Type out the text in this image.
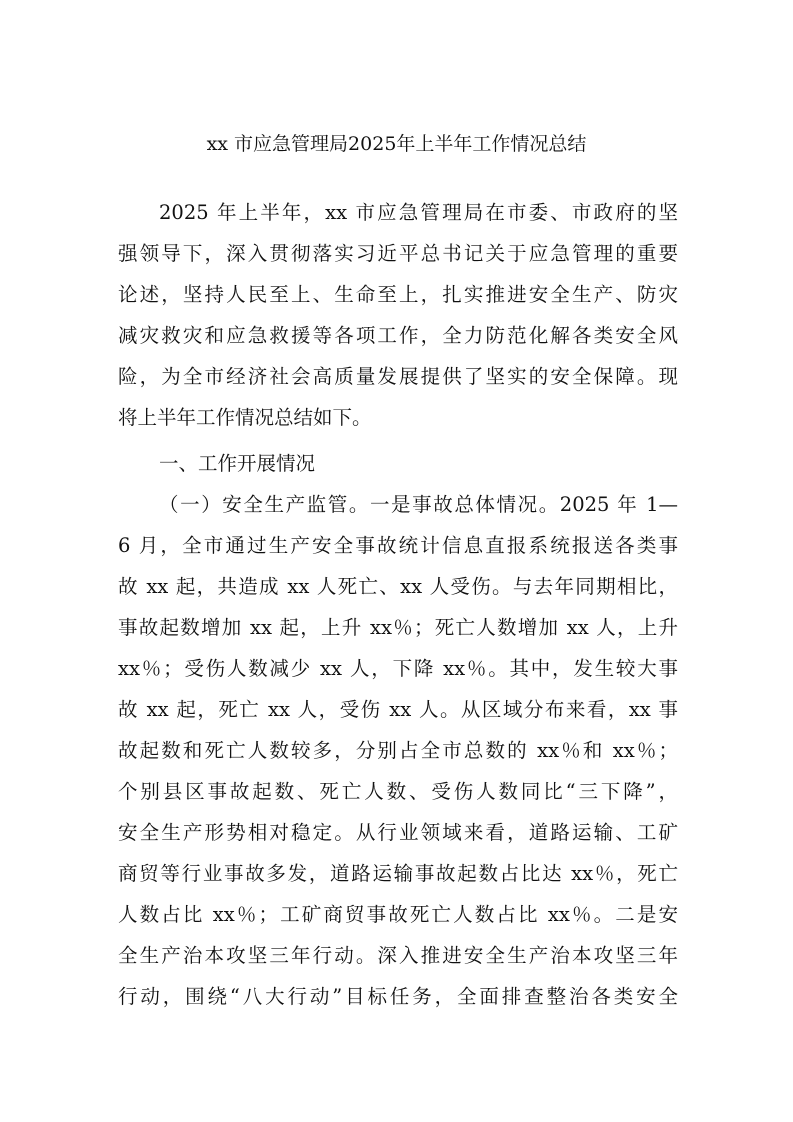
xx 市应急管理局2025年上半年工作情况总结
2025 年上半年，xx 市应急管理局在市委、市政府的坚
强领导下，深入贯彻落实习近平总书记关于应急管理的重要
论述，坚持人民至上、生命至上，扎实推进安全生产、防灾
减灾救灾和应急救援等各项工作，全力防范化解各类安全风
险，为全市经济社会高质量发展提供了坚实的安全保障。现
将上半年工作情况总结如下。
一、工作开展情况
（一）安全生产监管。一是事故总体情况。2025 年 1—
6 月，全市通过生产安全事故统计信息直报系统报送各类事
故 xx 起，共造成 xx 人死亡、xx 人受伤。与去年同期相比，
事故起数增加 xx 起，上升 xx％；死亡人数增加 xx 人，上升
xx％；受伤人数减少 xx 人，下降 xx％。其中，发生较大事
故 xx 起，死亡 xx 人，受伤 xx 人。从区域分布来看，xx 事
故起数和死亡人数较多，分别占全市总数的 xx％和 xx％；
个别县区事故起数、死亡人数、受伤人数同比“三下降”，
安全生产形势相对稳定。从行业领域来看，道路运输、工矿
商贸等行业事故多发，道路运输事故起数占比达 xx％，死亡
人数占比 xx％；工矿商贸事故死亡人数占比 xx％。二是安
全生产治本攻坚三年行动。深入推进安全生产治本攻坚三年
行动，围绕“八大行动”目标任务，全面排查整治各类安全
